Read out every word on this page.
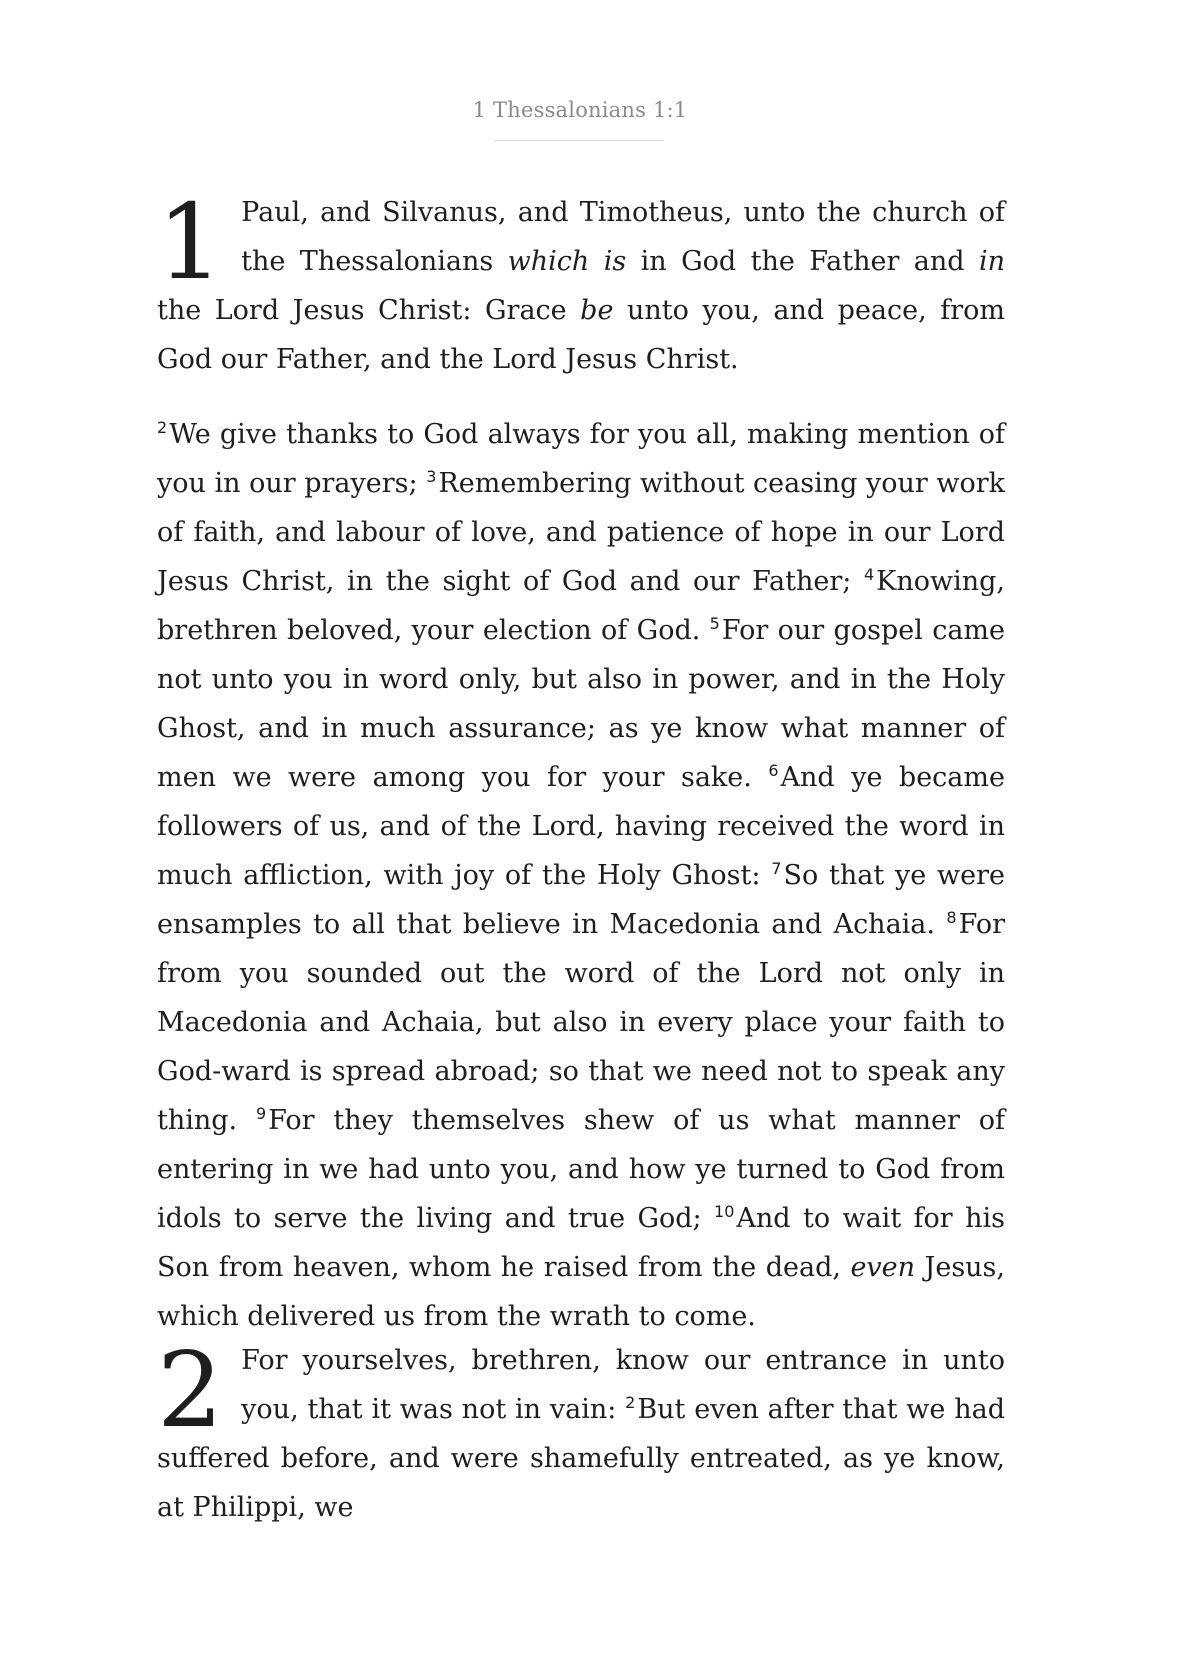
1 Thessalonians 1:1

1 Paul, and Silvanus, and Timotheus, unto the church of the Thessalonians which is in God the Father and in the Lord Jesus Christ: Grace be unto you, and peace, from God our Father, and the Lord Jesus Christ.

$^2$We give thanks to God always for you all, making mention of you in our prayers; $^3$Remembering without ceasing your work of faith, and labour of love, and patience of hope in our Lord Jesus Christ, in the sight of God and our Father; $^4$Knowing, brethren beloved, your election of God. $^5$For our gospel came not unto you in word only, but also in power, and in the Holy Ghost, and in much assurance; as ye know what manner of men we were among you for your sake. $^6$And ye became followers of us, and of the Lord, having received the word in much affliction, with joy of the Holy Ghost: $^7$So that ye were ensamples to all that believe in Macedonia and Achaia. $^8$For from you sounded out the word of the Lord not only in Macedonia and Achaia, but also in every place your faith to God-ward is spread abroad; so that we need not to speak any thing. $^9$For they themselves shew of us what manner of entering in we had unto you, and how ye turned to God from idols to serve the living and true God; $^{10}$And to wait for his Son from heaven, whom he raised from the dead, even Jesus, which delivered us from the wrath to come.

2 For yourselves, brethren, know our entrance in unto you, that it was not in vain: $^2$But even after that we had suffered before, and were shamefully entreated, as ye know, at Philippi, we
